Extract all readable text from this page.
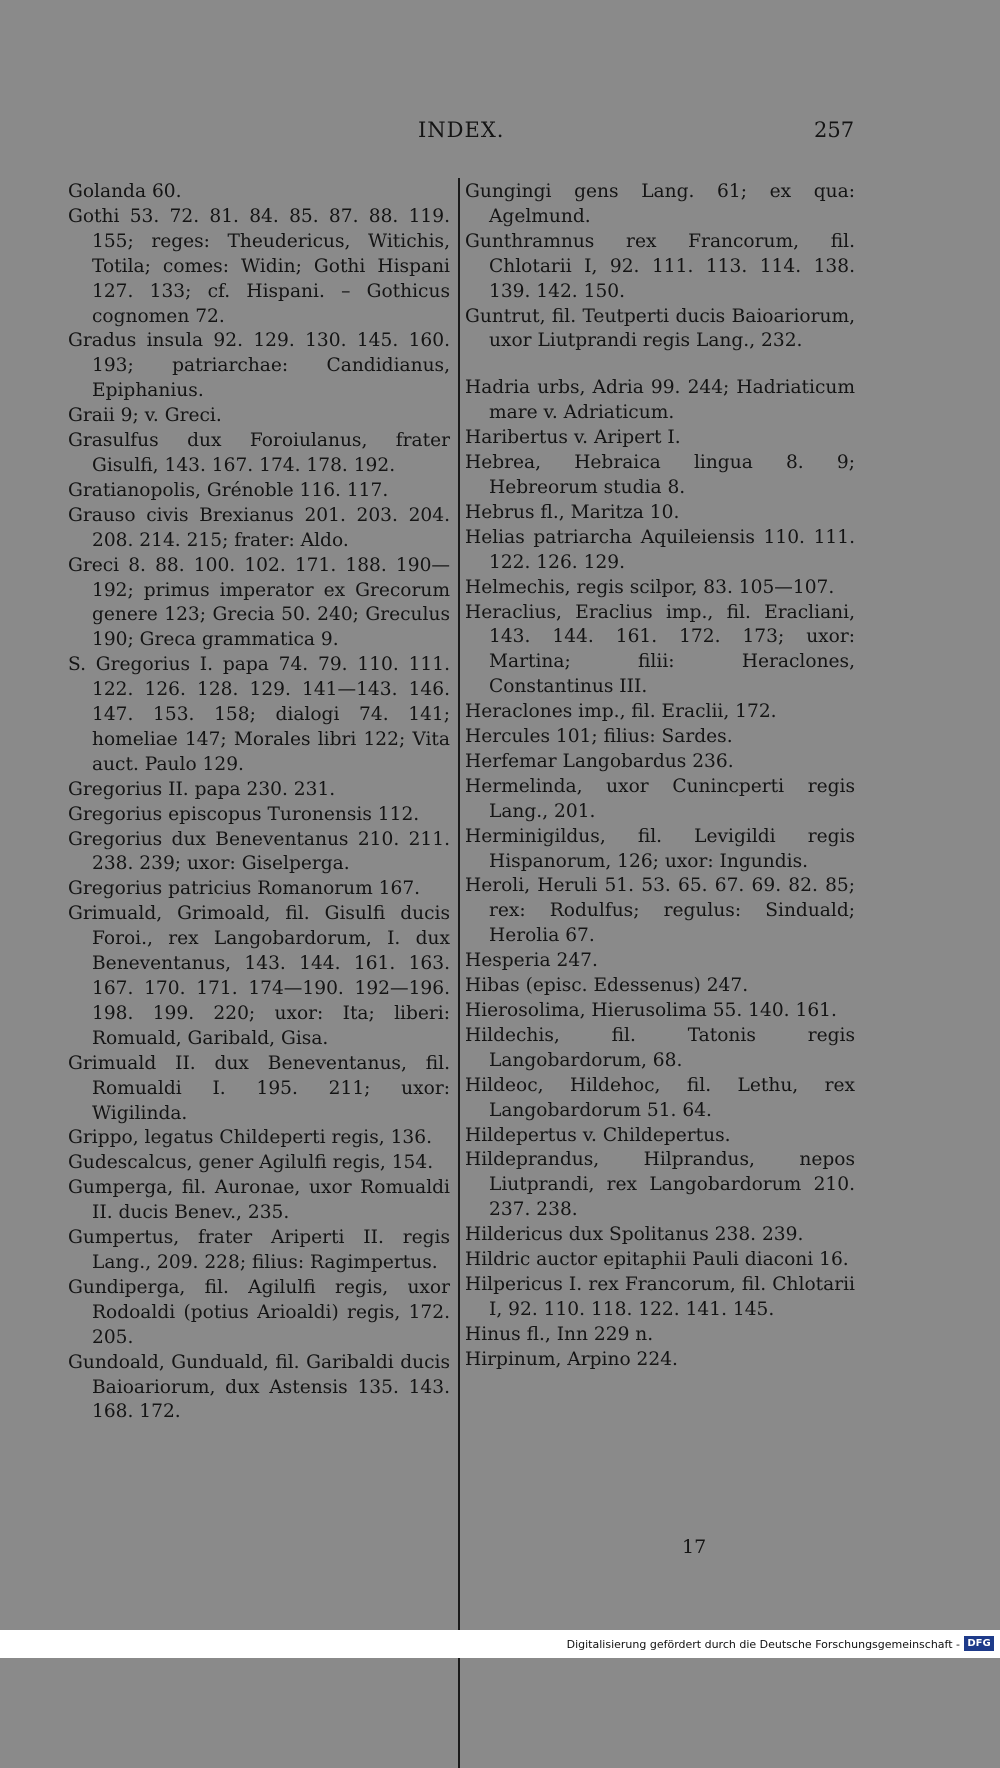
INDEX.	257

Golanda 60.

Gothi 53. 72. 81. 84. 85. 87. 88. 119. 155; reges: Theudericus, Witichis, Totila; comes: Widin; Gothi Hispani 127. 133; cf. Hispani. – Gothicus cognomen 72.

Gradus insula 92. 129. 130. 145. 160. 193; patriarchae: Candidianus, Epiphanius.

Graii 9; v. Greci.

Grasulfus dux Foroiulanus, frater Gisulfi, 143. 167. 174. 178. 192.

Gratianopolis, Grénoble 116. 117.

Grauso civis Brexianus 201. 203. 204. 208. 214. 215; frater: Aldo.

Greci 8. 88. 100. 102. 171. 188. 190—192; primus imperator ex Grecorum genere 123; Grecia 50. 240; Greculus 190; Greca grammatica 9.

S. Gregorius I. papa 74. 79. 110. 111. 122. 126. 128. 129. 141—143. 146. 147. 153. 158; dialogi 74. 141; homeliae 147; Morales libri 122; Vita auct. Paulo 129.

Gregorius II. papa 230. 231.

Gregorius episcopus Turonensis 112.

Gregorius dux Beneventanus 210. 211. 238. 239; uxor: Giselperga.

Gregorius patricius Romanorum 167.

Grimuald, Grimoald, fil. Gisulfi ducis Foroi., rex Langobardorum, I. dux Beneventanus, 143. 144. 161. 163. 167. 170. 171. 174—190. 192—196. 198. 199. 220; uxor: Ita; liberi: Romuald, Garibald, Gisa.

Grimuald II. dux Beneventanus, fil. Romualdi I. 195. 211; uxor: Wigilinda.

Grippo, legatus Childeperti regis, 136.

Gudescalcus, gener Agilulfi regis, 154.

Gumperga, fil. Auronae, uxor Romualdi II. ducis Benev., 235.

Gumpertus, frater Ariperti II. regis Lang., 209. 228; filius: Ragimpertus.

Gundiperga, fil. Agilulfi regis, uxor Rodoaldi (potius Arioaldi) regis, 172. 205.

Gundoald, Gunduald, fil. Garibaldi ducis Baioariorum, dux Astensis 135. 143. 168. 172.

Gungingi gens Lang. 61; ex qua: Agelmund.

Gunthramnus rex Francorum, fil. Chlotarii I, 92. 111. 113. 114. 138. 139. 142. 150.

Guntrut, fil. Teutperti ducis Baioariorum, uxor Liutprandi regis Lang., 232.

Hadria urbs, Adria 99. 244; Hadriaticum mare v. Adriaticum.

Haribertus v. Aripert I.

Hebrea, Hebraica lingua 8. 9; Hebreorum studia 8.

Hebrus fl., Maritza 10.

Helias patriarcha Aquileiensis 110. 111. 122. 126. 129.

Helmechis, regis scilpor, 83. 105—107.

Heraclius, Eraclius imp., fil. Eracliani, 143. 144. 161. 172. 173; uxor: Martina; filii: Heraclones, Constantinus III.

Heraclones imp., fil. Eraclii, 172.

Hercules 101; filius: Sardes.

Herfemar Langobardus 236.

Hermelinda, uxor Cunincperti regis Lang., 201.

Herminigildus, fil. Levigildi regis Hispanorum, 126; uxor: Ingundis.

Heroli, Heruli 51. 53. 65. 67. 69. 82. 85; rex: Rodulfus; regulus: Sinduald; Herolia 67.

Hesperia 247.

Hibas (episc. Edessenus) 247.

Hierosolima, Hierusolima 55. 140. 161.

Hildechis, fil. Tatonis regis Langobardorum, 68.

Hildeoc, Hildehoc, fil. Lethu, rex Langobardorum 51. 64.

Hildepertus v. Childepertus.

Hildeprandus, Hilprandus, nepos Liutprandi, rex Langobardorum 210. 237. 238.

Hildericus dux Spolitanus 238. 239.

Hildric auctor epitaphii Pauli diaconi 16.

Hilpericus I. rex Francorum, fil. Chlotarii I, 92. 110. 118. 122. 141. 145.

Hinus fl., Inn 229 n.

Hirpinum, Arpino 224.

17
Digitalisierung gefördert durch die Deutsche Forschungsgemeinschaft - DFG
